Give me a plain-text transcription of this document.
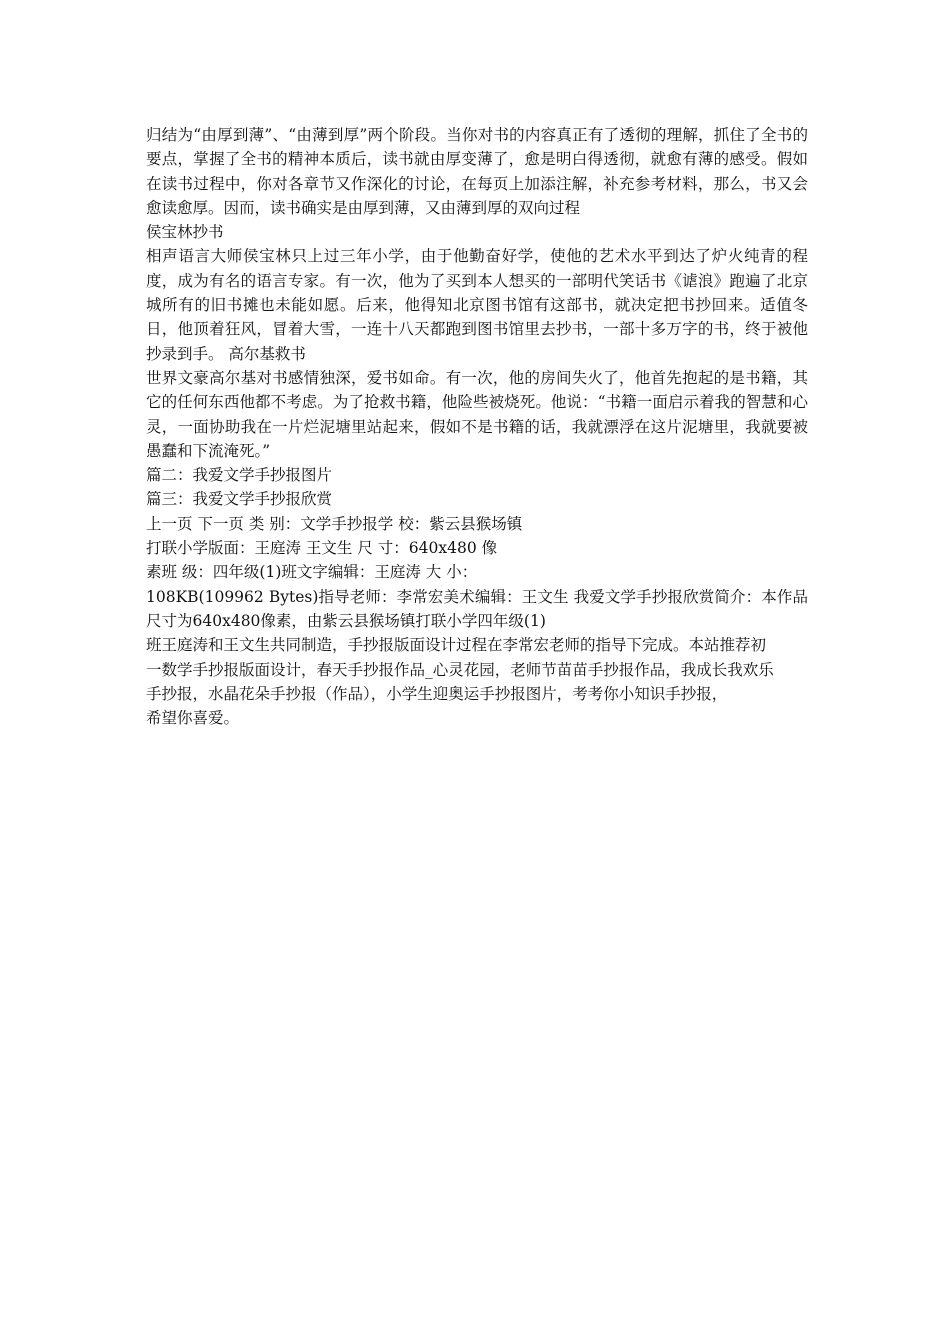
归结为“由厚到薄”、“由薄到厚”两个阶段。当你对书的内容真正有了透彻的理解，抓住了全书的要点，掌握了全书的精神本质后，读书就由厚变薄了，愈是明白得透彻，就愈有薄的感受。假如在读书过程中，你对各章节又作深化的讨论，在每页上加添注解，补充参考材料，那么，书又会愈读愈厚。因而，读书确实是由厚到薄，又由薄到厚的双向过程

侯宝林抄书

相声语言大师侯宝林只上过三年小学，由于他勤奋好学，使他的艺术水平到达了炉火纯青的程度，成为有名的语言专家。有一次，他为了买到本人想买的一部明代笑话书《谑浪》跑遍了北京城所有的旧书摊也未能如愿。后来，他得知北京图书馆有这部书，就决定把书抄回来。适值冬日，他顶着狂风，冒着大雪，一连十八天都跑到图书馆里去抄书，一部十多万字的书，终于被他抄录到手。 高尔基救书

世界文豪高尔基对书感情独深，爱书如命。有一次，他的房间失火了，他首先抱起的是书籍，其它的任何东西他都不考虑。为了抢救书籍，他险些被烧死。他说：“书籍一面启示着我的智慧和心灵，一面协助我在一片烂泥塘里站起来，假如不是书籍的话，我就漂浮在这片泥塘里，我就要被愚蠢和下流淹死。”

篇二：我爱文学手抄报图片

篇三：我爱文学手抄报欣赏

上一页 下一页 类 别：文学手抄报学 校：紫云县猴场镇

打联小学版面：王庭涛 王文生 尺 寸：640x480 像

素班 级：四年级(1)班文字编辑：王庭涛 大 小：

108KB(109962 Bytes)指导老师：李常宏美术编辑：王文生 我爱文学手抄报欣赏简介：本作品尺寸为640x480像素，由紫云县猴场镇打联小学四年级(1)

班王庭涛和王文生共同制造，手抄报版面设计过程在李常宏老师的指导下完成。本站推荐初

一数学手抄报版面设计，春天手抄报作品_心灵花园，老师节苗苗手抄报作品，我成长我欢乐

手抄报，水晶花朵手抄报（作品），小学生迎奥运手抄报图片，考考你小知识手抄报，

希望你喜爱。
